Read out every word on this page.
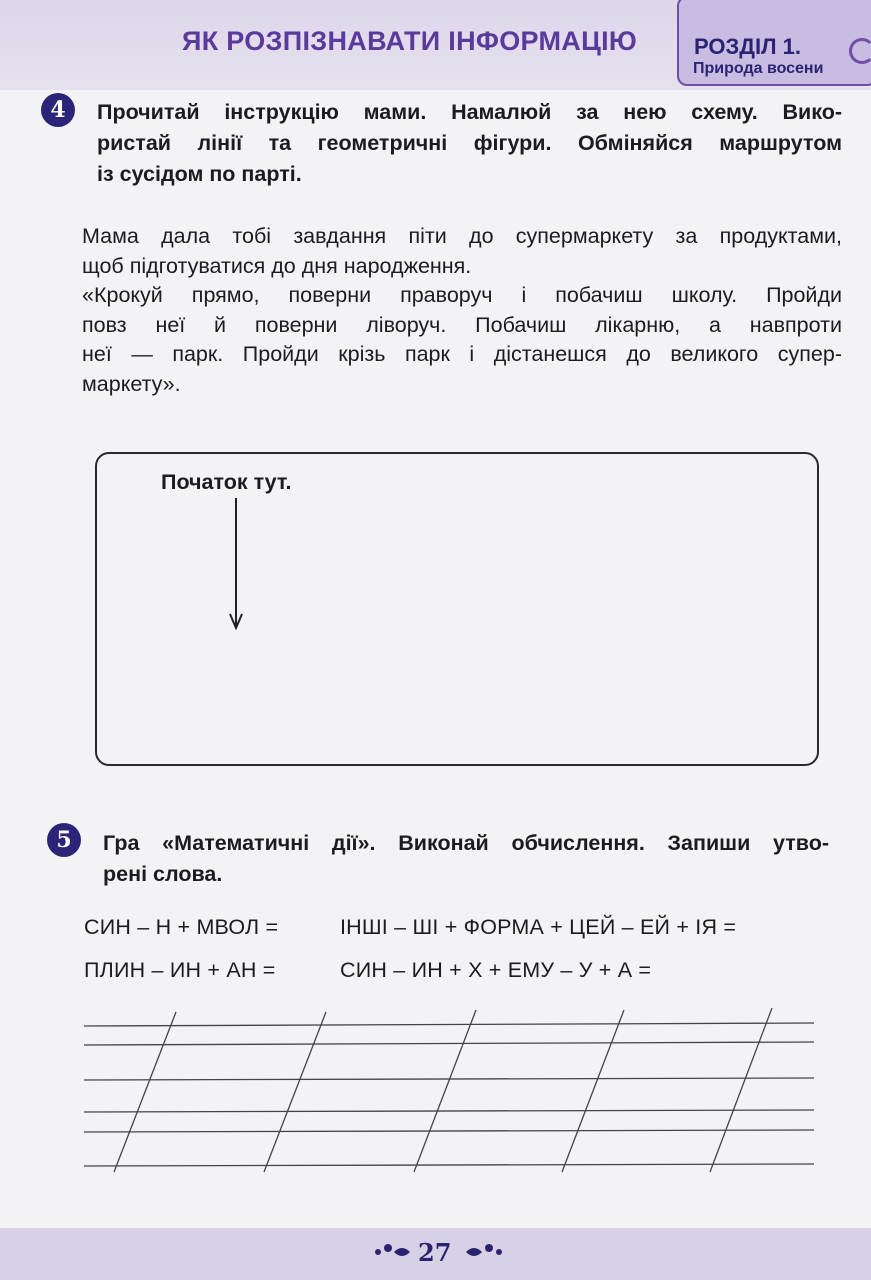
ЯК РОЗПІЗНАВАТИ ІНФОРМАЦІЮ	РОЗДІЛ 1.
Природа восени
4	Прочитай інструкцію мами. Намалюй за нею схему. Вико-
ристай лінії та геометричні фігури. Обміняйся маршрутом
із сусідом по парті.
Мама дала тобі завдання піти до супермаркету за продуктами,
щоб підготуватися до дня народження.
«Крокуй прямо, поверни праворуч і побачиш школу. Пройди
повз неї й поверни ліворуч. Побачиш лікарню, а навпроти
неї — парк. Пройди крізь парк і дістанешся до великого супер-
маркету».
Початок тут.
5	Гра «Математичні дії». Виконай обчислення. Запиши утво-
рені слова.
СИН – Н + МВОЛ =	ІНШІ – ШІ + ФОРМА + ЦЕЙ – ЕЙ + ІЯ =
ПЛИН – ИН + АН =	СИН – ИН + Х + ЕМУ – У + А =
27
